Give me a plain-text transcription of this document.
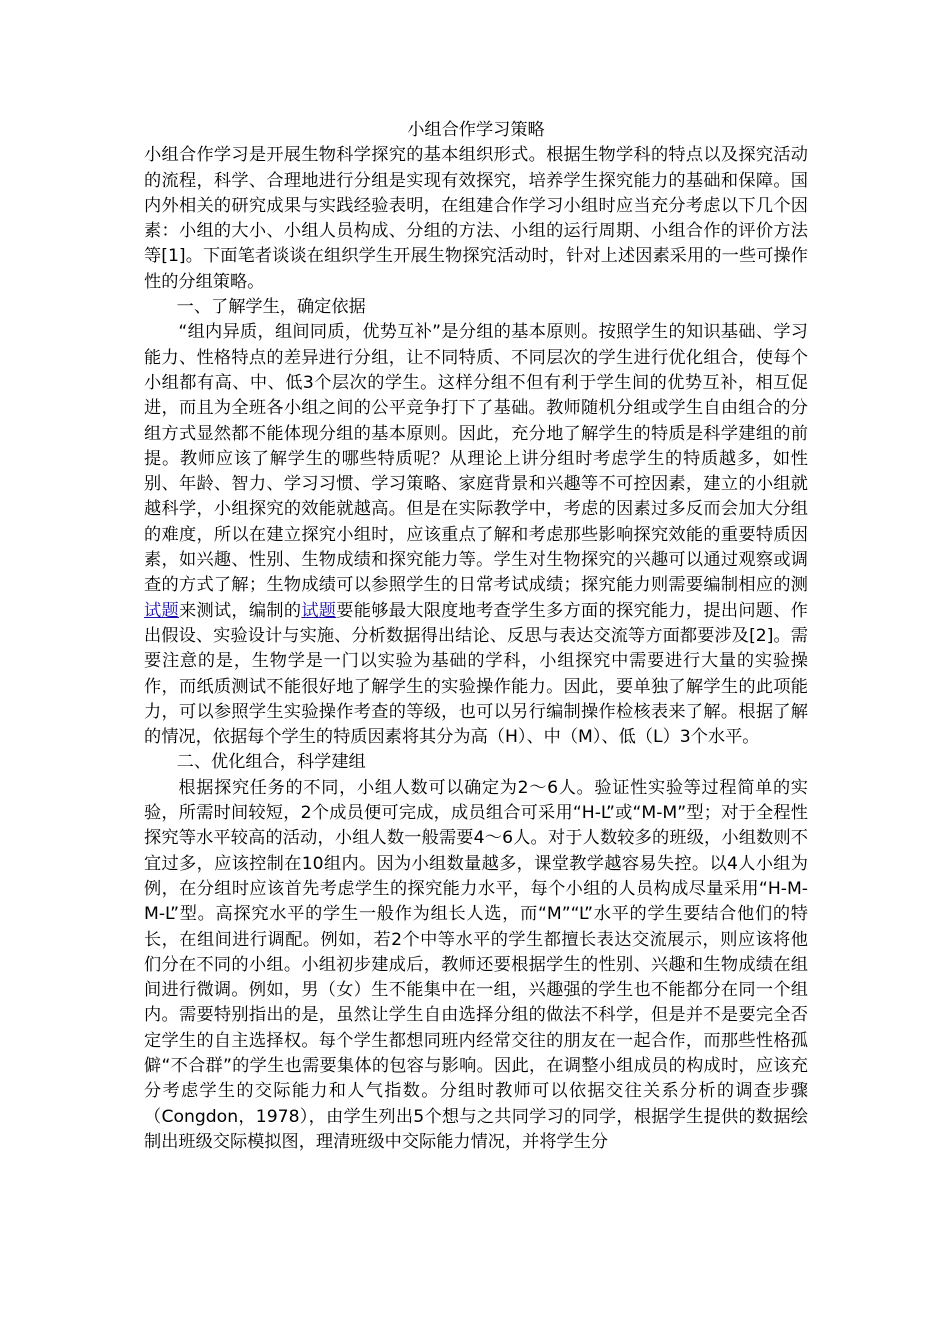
小组合作学习策略

小组合作学习是开展生物科学探究的基本组织形式。根据生物学科的特点以及探究活动的流程，科学、合理地进行分组是实现有效探究，培养学生探究能力的基础和保障。国内外相关的研究成果与实践经验表明，在组建合作学习小组时应当充分考虑以下几个因素：小组的大小、小组人员构成、分组的方法、小组的运行周期、小组合作的评价方法等[1]。下面笔者谈谈在组织学生开展生物探究活动时，针对上述因素采用的一些可操作性的分组策略。

一、了解学生，确定依据

“组内异质，组间同质，优势互补”是分组的基本原则。按照学生的知识基础、学习能力、性格特点的差异进行分组，让不同特质、不同层次的学生进行优化组合，使每个小组都有高、中、低3个层次的学生。这样分组不但有利于学生间的优势互补，相互促进，而且为全班各小组之间的公平竞争打下了基础。教师随机分组或学生自由组合的分组方式显然都不能体现分组的基本原则。因此，充分地了解学生的特质是科学建组的前提。教师应该了解学生的哪些特质呢？从理论上讲分组时考虑学生的特质越多，如性别、年龄、智力、学习习惯、学习策略、家庭背景和兴趣等不可控因素，建立的小组就越科学，小组探究的效能就越高。但是在实际教学中，考虑的因素过多反而会加大分组的难度，所以在建立探究小组时，应该重点了解和考虑那些影响探究效能的重要特质因素，如兴趣、性别、生物成绩和探究能力等。学生对生物探究的兴趣可以通过观察或调查的方式了解；生物成绩可以参照学生的日常考试成绩；探究能力则需要编制相应的测试题来测试，编制的试题要能够最大限度地考查学生多方面的探究能力，提出问题、作出假设、实验设计与实施、分析数据得出结论、反思与表达交流等方面都要涉及[2]。需要注意的是，生物学是一门以实验为基础的学科，小组探究中需要进行大量的实验操作，而纸质测试不能很好地了解学生的实验操作能力。因此，要单独了解学生的此项能力，可以参照学生实验操作考查的等级，也可以另行编制操作检核表来了解。根据了解的情况，依据每个学生的特质因素将其分为高（H）、中（M）、低（L）3个水平。

二、优化组合，科学建组

根据探究任务的不同，小组人数可以确定为2～6人。验证性实验等过程简单的实验，所需时间较短，2个成员便可完成，成员组合可采用“H-L”或“M-M”型；对于全程性探究等水平较高的活动，小组人数一般需要4～6人。对于人数较多的班级，小组数则不宜过多，应该控制在10组内。因为小组数量越多，课堂教学越容易失控。以4人小组为例，在分组时应该首先考虑学生的探究能力水平，每个小组的人员构成尽量采用“H-M-M-L”型。高探究水平的学生一般作为组长人选，而“M”“L”水平的学生要结合他们的特长，在组间进行调配。例如，若2个中等水平的学生都擅长表达交流展示，则应该将他们分在不同的小组。小组初步建成后，教师还要根据学生的性别、兴趣和生物成绩在组间进行微调。例如，男（女）生不能集中在一组，兴趣强的学生也不能都分在同一个组内。需要特别指出的是，虽然让学生自由选择分组的做法不科学，但是并不是要完全否定学生的自主选择权。每个学生都想同班内经常交往的朋友在一起合作，而那些性格孤僻“不合群”的学生也需要集体的包容与影响。因此，在调整小组成员的构成时，应该充分考虑学生的交际能力和人气指数。分组时教师可以依据交往关系分析的调查步骤（Congdon，1978），由学生列出5个想与之共同学习的同学，根据学生提供的数据绘制出班级交际模拟图，理清班级中交际能力情况，并将学生分
